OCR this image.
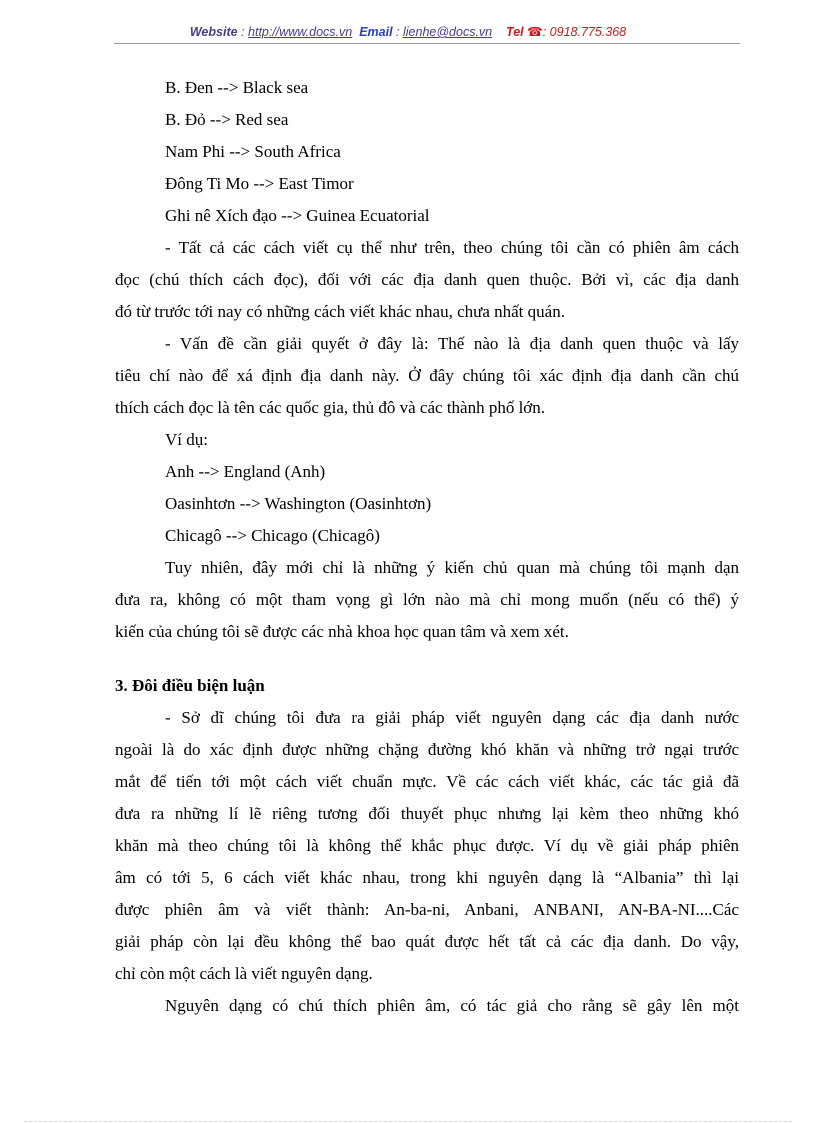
Website : http://www.docs.vn Email : lienhe@docs.vn Tel ☎: 0918.775.368

B. Đen --> Black sea

B. Đỏ --> Red sea

Nam Phi --> South Africa

Đông Ti Mo --> East Timor

Ghi nê Xích đạo --> Guinea Ecuatorial

- Tất cả các cách viết cụ thể như trên, theo chúng tôi cần có phiên âm cách

đọc (chú thích cách đọc), đối với các địa danh quen thuộc. Bởi vì, các địa danh

đó từ trước tới nay có những cách viết khác nhau, chưa nhất quán.

- Vấn đề cần giải quyết ở đây là: Thế nào là địa danh quen thuộc và lấy

tiêu chí nào để xá định địa danh này. Ở đây chúng tôi xác định địa danh cần chú

thích cách đọc là tên các quốc gia, thủ đô và các thành phố lớn.

Ví dụ:

Anh --> England (Anh)

Oasinhtơn --> Washington (Oasinhtơn)

Chicagô --> Chicago (Chicagô)

Tuy nhiên, đây mới chỉ là những ý kiến chủ quan mà chúng tôi mạnh dạn

đưa ra, không có một tham vọng gì lớn nào mà chỉ mong muốn (nếu có thể) ý

kiến của chúng tôi sẽ được các nhà khoa học quan tâm và xem xét.

3. Đôi điều biện luận

- Sở dĩ chúng tôi đưa ra giải pháp viết nguyên dạng các địa danh nước

ngoài là do xác định được những chặng đường khó khăn và những trở ngại trước

mắt để tiến tới một cách viết chuẩn mực. Về các cách viết khác, các tác giả đã

đưa ra những lí lẽ riêng tương đối thuyết phục nhưng lại kèm theo những khó

khăn mà theo chúng tôi là không thể khắc phục được. Ví dụ về giải pháp phiên

âm có tới 5, 6 cách viết khác nhau, trong khi nguyên dạng là “Albania” thì lại

được phiên âm và viết thành: An-ba-ni, Anbani, ANBANI, AN-BA-NI....Các

giải pháp còn lại đều không thể bao quát được hết tất cả các địa danh. Do vậy,

chỉ còn một cách là viết nguyên dạng.

Nguyên dạng có chú thích phiên âm, có tác giả cho rằng sẽ gây lên một
